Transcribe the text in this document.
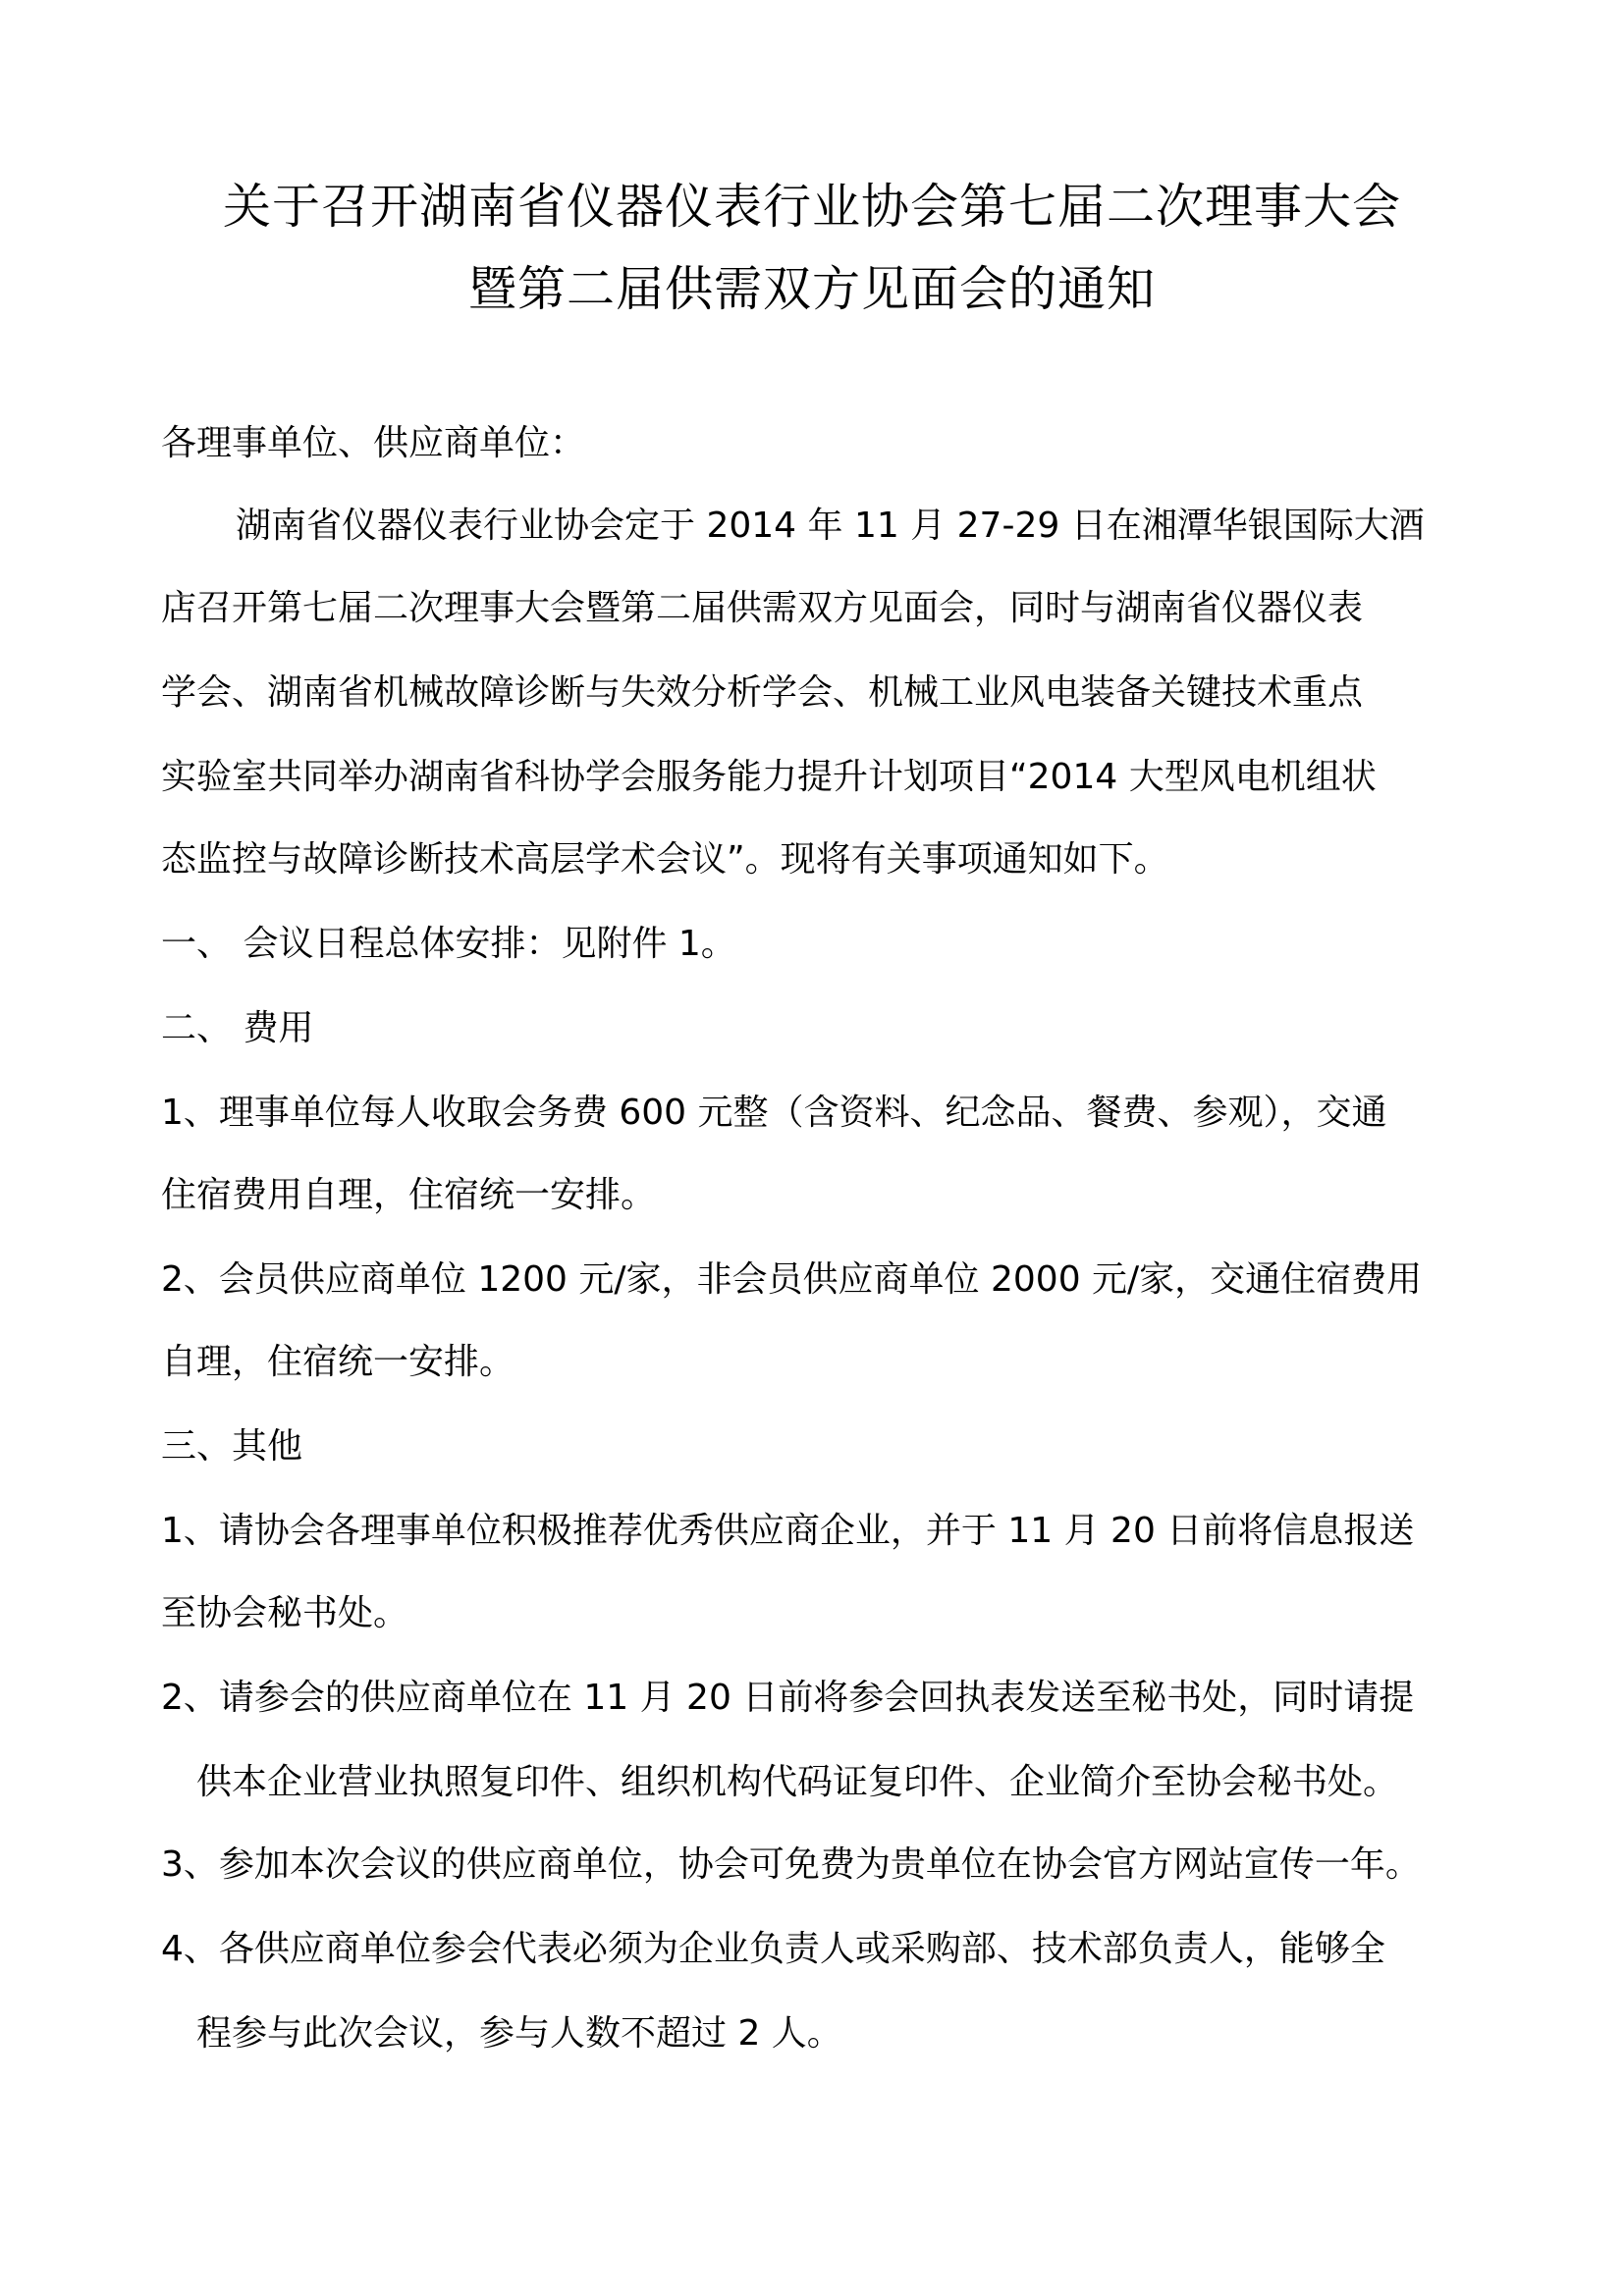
关于召开湖南省仪器仪表行业协会第七届二次理事大会
暨第二届供需双方见面会的通知
各理事单位、供应商单位：
湖南省仪器仪表行业协会定于 2014 年 11 月 27-29 日在湘潭华银国际大酒
店召开第七届二次理事大会暨第二届供需双方见面会，同时与湖南省仪器仪表
学会、湖南省机械故障诊断与失效分析学会、机械工业风电装备关键技术重点
实验室共同举办湖南省科协学会服务能力提升计划项目“2014 大型风电机组状
态监控与故障诊断技术高层学术会议”。现将有关事项通知如下。
一、 会议日程总体安排：见附件 1。
二、 费用
1、理事单位每人收取会务费 600 元整（含资料、纪念品、餐费、参观），交通
住宿费用自理，住宿统一安排。
2、会员供应商单位 1200 元/家，非会员供应商单位 2000 元/家，交通住宿费用
自理，住宿统一安排。
三、其他
1、请协会各理事单位积极推荐优秀供应商企业，并于 11 月 20 日前将信息报送
至协会秘书处。
2、请参会的供应商单位在 11 月 20 日前将参会回执表发送至秘书处，同时请提
供本企业营业执照复印件、组织机构代码证复印件、企业简介至协会秘书处。
3、参加本次会议的供应商单位，协会可免费为贵单位在协会官方网站宣传一年。
4、各供应商单位参会代表必须为企业负责人或采购部、技术部负责人，能够全
程参与此次会议，参与人数不超过 2 人。
